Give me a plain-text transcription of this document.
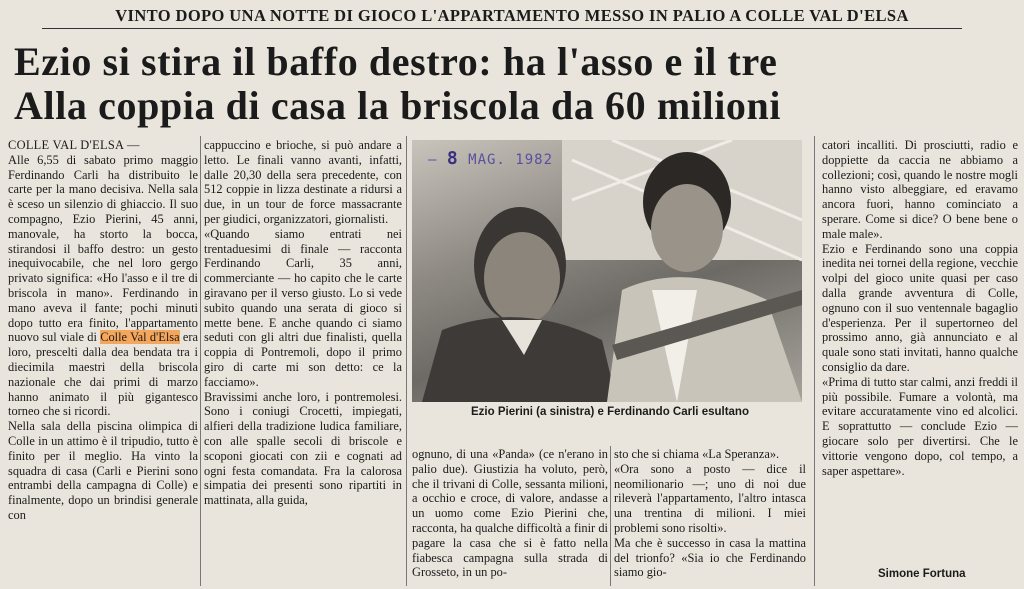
VINTO DOPO UNA NOTTE DI GIOCO L'APPARTAMENTO MESSO IN PALIO A COLLE VAL D'ELSA
Ezio si stira il baffo destro: ha l'asso e il tre
Alla coppia di casa la briscola da 60 milioni
COLLE VAL D'ELSA —
Alle 6,55 di sabato primo maggio Ferdinando Carli ha distribuito le carte per la mano decisiva. Nella sala è sceso un silenzio di ghiaccio. Il suo compagno, Ezio Pierini, 45 anni, manovale, ha storto la bocca, stirandosi il baffo destro: un gesto inequivocabile, che nel loro gergo privato significa: «Ho l'asso e il tre di briscola in mano». Ferdinando in mano aveva il fante; pochi minuti dopo tutto era finito, l'appartamento nuovo sul viale di Colle Val d'Elsa era loro, prescelti dalla dea bendata tra i diecimila maestri della briscola nazionale che dai primi di marzo hanno animato il più gigantesco torneo che si ricordi.
Nella sala della piscina olimpica di Colle in un attimo è il tripudio, tutto è finito per il meglio. Ha vinto la squadra di casa (Carli e Pierini sono entrambi della campagna di Colle) e finalmente, dopo un brindisi generale con
cappuccino e brioche, si può andare a letto. Le finali vanno avanti, infatti, dalle 20,30 della sera precedente, con 512 coppie in lizza destinate a ridursi a due, in un tour de force massacrante per giudici, organizzatori, giornalisti.
«Quando siamo entrati nei trentaduesimi di finale — racconta Ferdinando Carli, 35 anni, commerciante — ho capito che le carte giravano per il verso giusto. Lo si vede subito quando una serata di gioco si mette bene. E anche quando ci siamo seduti con gli altri due finalisti, quella coppia di Pontremoli, dopo il primo giro di carte mi son detto: ce la facciamo».
Bravissimi anche loro, i pontremolesi. Sono i coniugi Crocetti, impiegati, alfieri della tradizione ludica familiare, con alle spalle secoli di briscole e scoponi giocati con zii e cognati ad ogni festa comandata. Fra la calorosa simpatia dei presenti sono ripartiti in mattinata, alla guida,
– 8 MAG. 1982
Ezio Pierini (a sinistra) e Ferdinando Carli esultano
ognuno, di una «Panda» (ce n'erano in palio due). Giustizia ha voluto, però, che il trivani di Colle, sessanta milioni, a occhio e croce, di valore, andasse a un uomo come Ezio Pierini che, raccontа, ha qualche difficoltà a finir di pagare la casa che si è fatto nella fiabesca campagna sulla strada di Grosseto, in un po-
sto che si chiama «La Speranza».
«Ora sono a posto — dice il neomilionario —; uno di noi due rileverà l'appartamento, l'altro intasca una trentina di milioni. I miei problemi sono risolti».
Ma che è successo in casa la mattina del trionfo? «Sia io che Ferdinando siamo gio-
catori incalliti. Di prosciutti, radio e doppiette da caccia ne abbiamo a collezioni; così, quando le nostre mogli hanno visto albeggiare, ed eravamo ancora fuori, hanno cominciato a sperare. Come si dice? O bene bene o male male».
Ezio e Ferdinando sono una coppia inedita nei tornei della regione, vecchie volpi del gioco unite quasi per caso dalla grande avventura di Colle, ognuno con il suo ventennale bagaglio d'esperienza. Per il supertorneo del prossimo anno, già annunciato e al quale sono stati invitati, hanno qualche consiglio da dare.
«Prima di tutto star calmi, anzi freddi il più possibile. Fumare a volontà, ma evitare accuratamente vino ed alcolici. E soprattutto — conclude Ezio — giocare solo per divertirsi. Che le vittorie vengono dopo, col tempo, a saper aspettare».
Simone Fortuna
